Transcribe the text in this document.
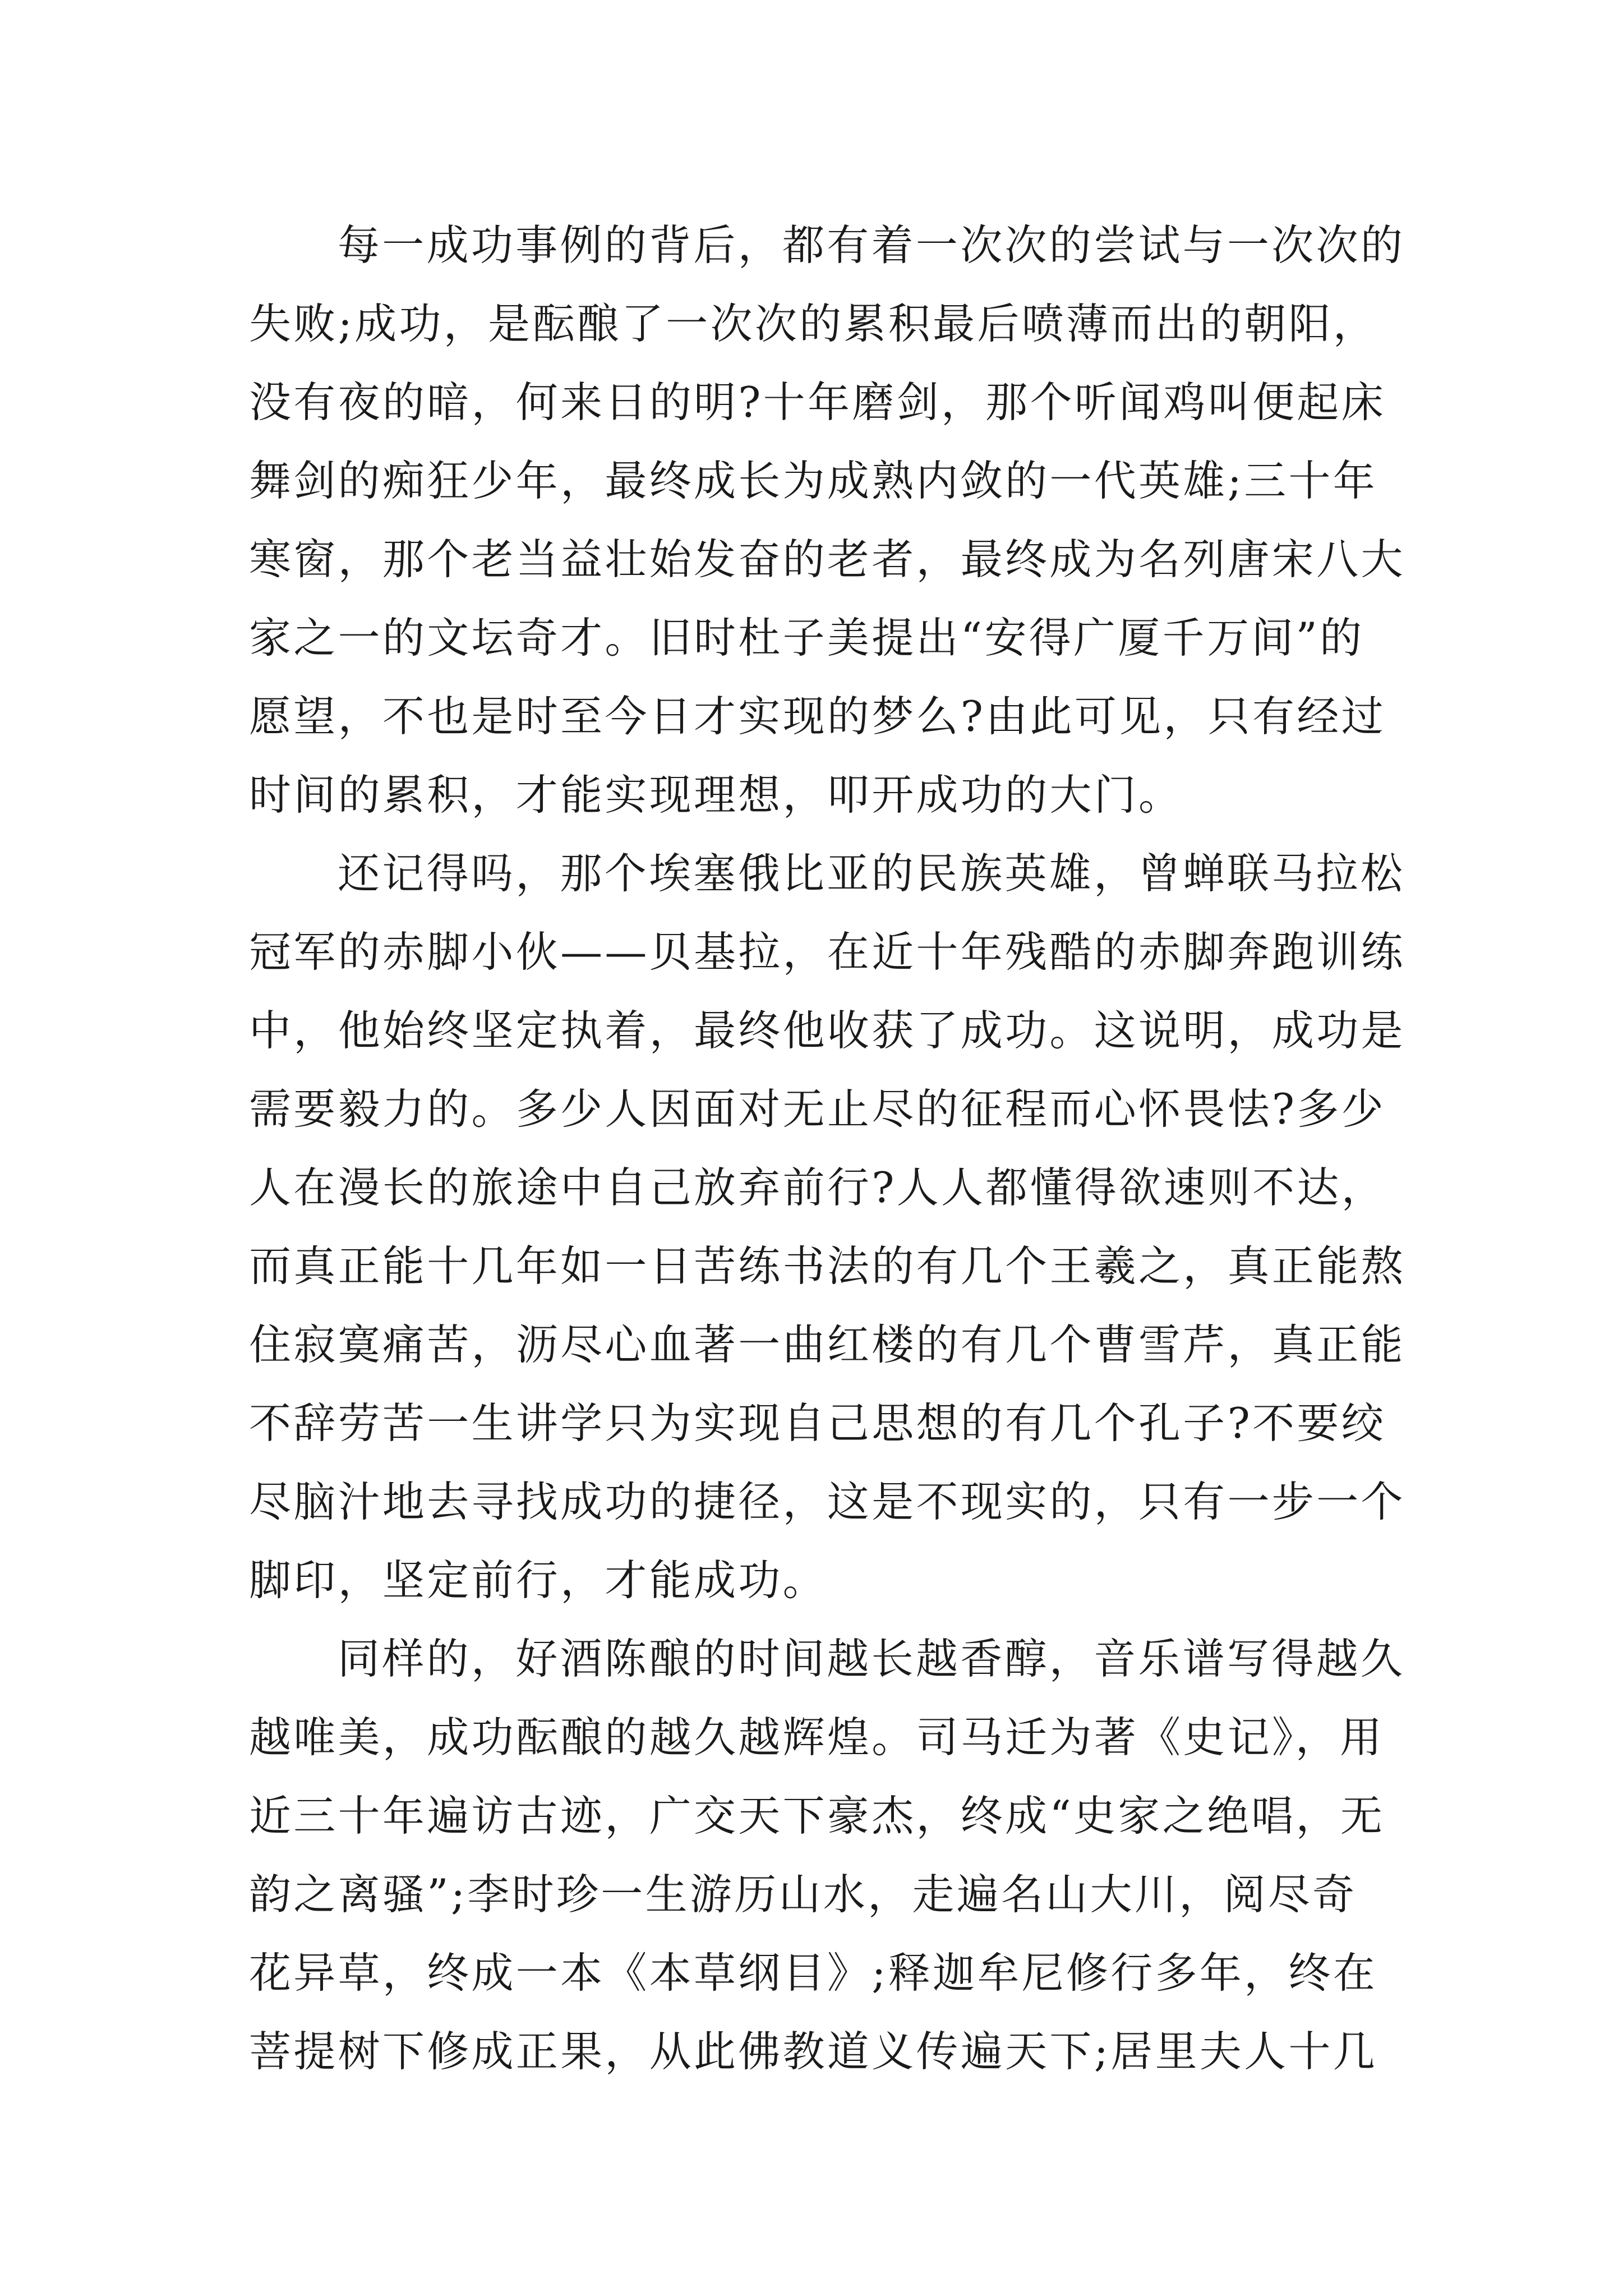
每一成功事例的背后，都有着一次次的尝试与一次次的
失败;成功，是酝酿了一次次的累积最后喷薄而出的朝阳，
没有夜的暗，何来日的明?十年磨剑，那个听闻鸡叫便起床
舞剑的痴狂少年，最终成长为成熟内敛的一代英雄;三十年
寒窗，那个老当益壮始发奋的老者，最终成为名列唐宋八大
家之一的文坛奇才。旧时杜子美提出“安得广厦千万间”的
愿望，不也是时至今日才实现的梦么?由此可见，只有经过
时间的累积，才能实现理想，叩开成功的大门。
还记得吗，那个埃塞俄比亚的民族英雄，曾蝉联马拉松
冠军的赤脚小伙——贝基拉，在近十年残酷的赤脚奔跑训练
中，他始终坚定执着，最终他收获了成功。这说明，成功是
需要毅力的。多少人因面对无止尽的征程而心怀畏怯?多少
人在漫长的旅途中自己放弃前行?人人都懂得欲速则不达，
而真正能十几年如一日苦练书法的有几个王羲之，真正能熬
住寂寞痛苦，沥尽心血著一曲红楼的有几个曹雪芹，真正能
不辞劳苦一生讲学只为实现自己思想的有几个孔子?不要绞
尽脑汁地去寻找成功的捷径，这是不现实的，只有一步一个
脚印，坚定前行，才能成功。
同样的，好酒陈酿的时间越长越香醇，音乐谱写得越久
越唯美，成功酝酿的越久越辉煌。司马迁为著《史记》，用
近三十年遍访古迹，广交天下豪杰，终成“史家之绝唱，无
韵之离骚”;李时珍一生游历山水，走遍名山大川，阅尽奇
花异草，终成一本《本草纲目》;释迦牟尼修行多年，终在
菩提树下修成正果，从此佛教道义传遍天下;居里夫人十几
